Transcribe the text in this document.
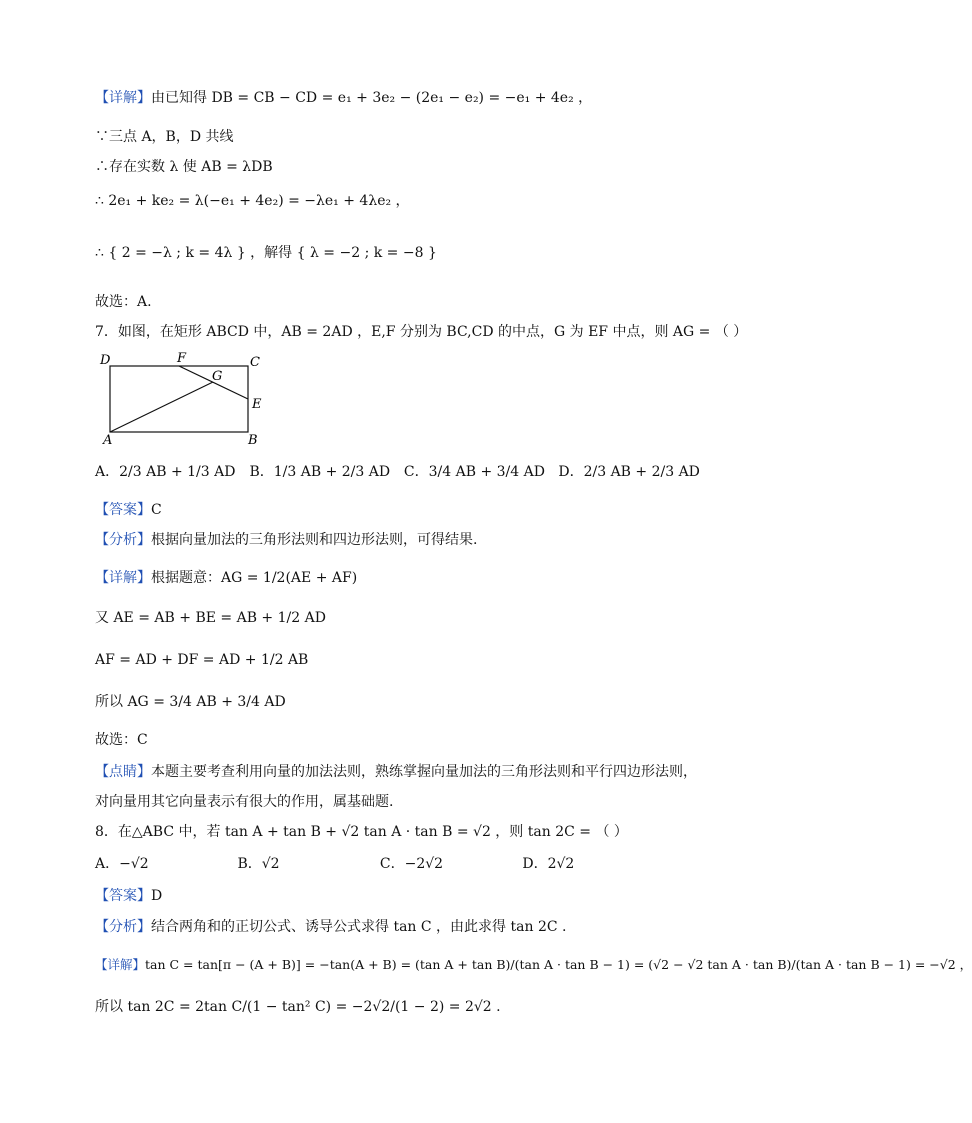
【详解】由已知得 DB = CB − CD = e₁ + 3e₂ − (2e₁ − e₂) = −e₁ + 4e₂ ，
∵三点 A，B，D 共线
∴存在实数 λ 使 AB = λDB
∴ 2e₁ + ke₂ = λ(−e₁ + 4e₂) = −λe₁ + 4λe₂ ，
∴ { 2 = −λ ; k = 4λ } ，解得 { λ = −2 ; k = −8 }
故选：A.
7．如图，在矩形 ABCD 中，AB = 2AD ，E,F 分别为 BC,CD 的中点，G 为 EF 中点，则 AG = （ ）
D	F	C
G
E
A	B
A．2/3 AB + 1/3 AD B．1/3 AB + 2/3 AD C．3/4 AB + 3/4 AD D．2/3 AB + 2/3 AD
【答案】C
【分析】根据向量加法的三角形法则和四边形法则，可得结果.
【详解】根据题意：AG = 1/2(AE + AF)
又 AE = AB + BE = AB + 1/2 AD
AF = AD + DF = AD + 1/2 AB
所以 AG = 3/4 AB + 3/4 AD
故选：C
【点睛】本题主要考查利用向量的加法法则，熟练掌握向量加法的三角形法则和平行四边形法则，
对向量用其它向量表示有很大的作用，属基础题.
8．在△ABC 中，若 tan A + tan B + √2 tan A · tan B = √2 ，则 tan 2C = （ ）
A．−√2	B．√2	C．−2√2	D．2√2
【答案】D
【分析】结合两角和的正切公式、诱导公式求得 tan C ，由此求得 tan 2C .
【详解】tan C = tan[π − (A + B)] = −tan(A + B) = (tan A + tan B)/(tan A · tan B − 1) = (√2 − √2 tan A · tan B)/(tan A · tan B − 1) = −√2 ，
所以 tan 2C = 2tan C/(1 − tan² C) = −2√2/(1 − 2) = 2√2 .
